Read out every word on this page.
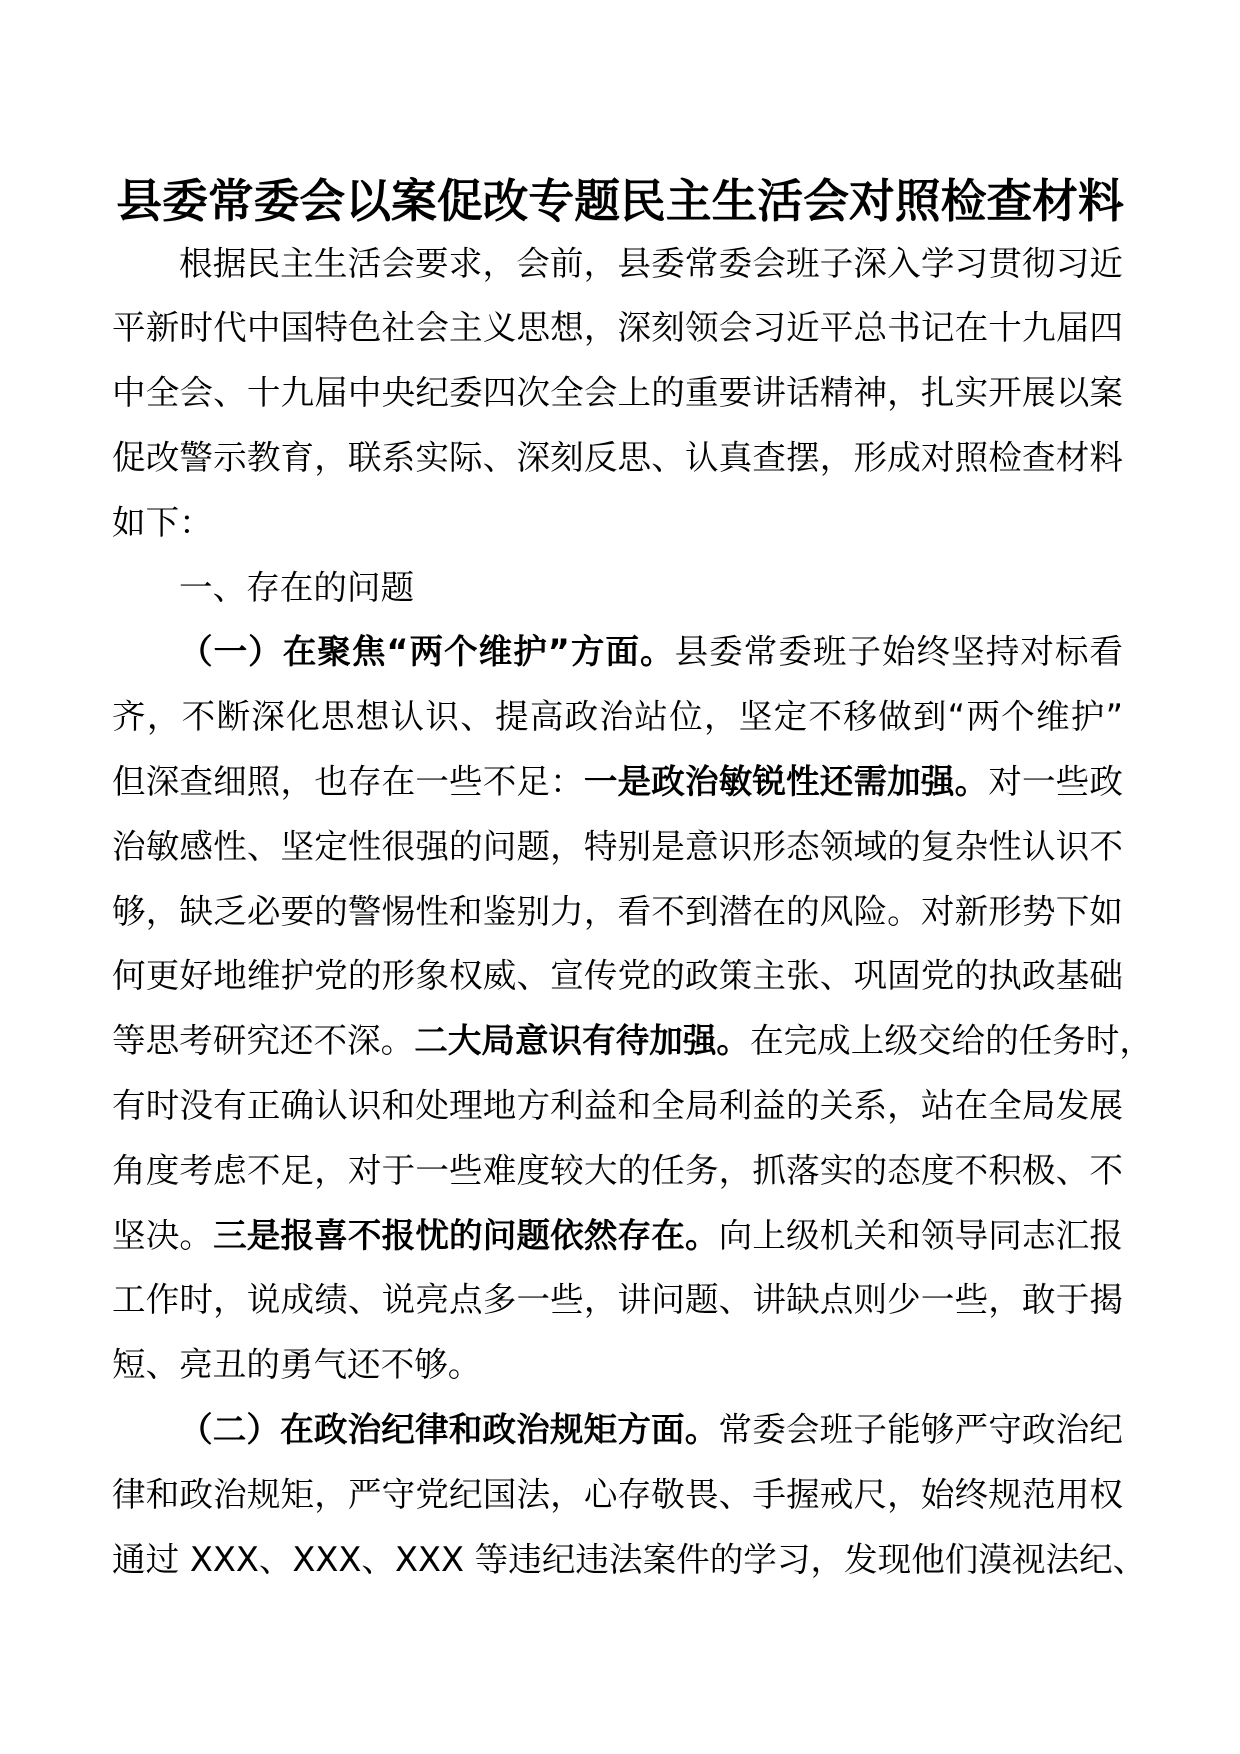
县委常委会以案促改专题民主生活会对照检查材料
根据民主生活会要求，会前，县委常委会班子深入学习贯彻习近
平新时代中国特色社会主义思想，深刻领会习近平总书记在十九届四
中全会、十九届中央纪委四次全会上的重要讲话精神，扎实开展以案
促改警示教育，联系实际、深刻反思、认真查摆，形成对照检查材料
如下：
一、存在的问题
（一）在聚焦“两个维护”方面。县委常委班子始终坚持对标看
齐，不断深化思想认识、提高政治站位，坚定不移做到“两个维护”
但深查细照，也存在一些不足：一是政治敏锐性还需加强。对一些政
治敏感性、坚定性很强的问题，特别是意识形态领域的复杂性认识不
够，缺乏必要的警惕性和鉴别力，看不到潜在的风险。对新形势下如
何更好地维护党的形象权威、宣传党的政策主张、巩固党的执政基础
等思考研究还不深。二大局意识有待加强。在完成上级交给的任务时，
有时没有正确认识和处理地方利益和全局利益的关系，站在全局发展
角度考虑不足，对于一些难度较大的任务，抓落实的态度不积极、不
坚决。三是报喜不报忧的问题依然存在。向上级机关和领导同志汇报
工作时，说成绩、说亮点多一些，讲问题、讲缺点则少一些，敢于揭
短、亮丑的勇气还不够。
（二）在政治纪律和政治规矩方面。常委会班子能够严守政治纪
律和政治规矩，严守党纪国法，心存敬畏、手握戒尺，始终规范用权
通过 XXX、XXX、XXX 等违纪违法案件的学习，发现他们漠视法纪、
